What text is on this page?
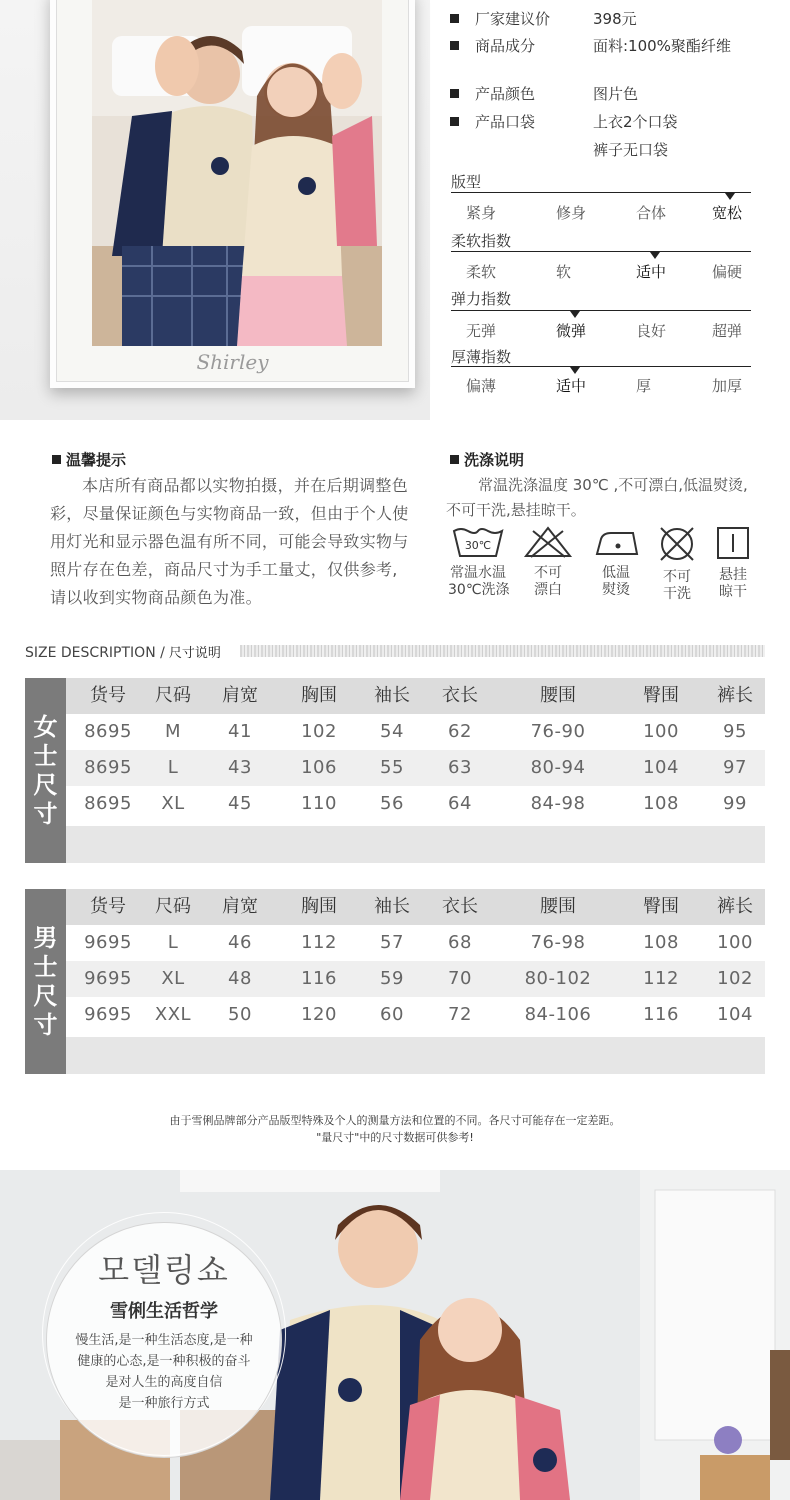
Shirley
厂家建议价	398元
商品成分	面料:100%聚酯纤维
产品颜色	图片色
产品口袋	上衣2个口袋
裤子无口袋
版型
紧身	修身	合体	宽松
柔软指数
柔软	软	适中	偏硬
弹力指数
无弹	微弹	良好	超弹
厚薄指数
偏薄	适中	厚	加厚
温馨提示
本店所有商品都以实物拍摄，并在后期调整色彩，尽量保证颜色与实物商品一致，但由于个人使用灯光和显示器色温有所不同，可能会导致实物与照片存在色差，商品尺寸为手工量丈，仅供参考,请以收到实物商品颜色为准。
洗涤说明
常温洗涤温度 30℃ ,不可漂白,低温熨烫,不可干洗,悬挂晾干。
30℃
常温水温
30℃洗涤
不可
漂白
低温
熨烫
不可
干洗
悬挂
晾干
SIZE DESCRIPTION / 尺寸说明
女
士
尺
寸
货号	尺码	肩宽	胸围	袖长	衣长	腰围	臀围	裤长
8695	M	41	102	54	62	76-90	100	95
8695	L	43	106	55	63	80-94	104	97
8695	XL	45	110	56	64	84-98	108	99
男
士
尺
寸
货号	尺码	肩宽	胸围	袖长	衣长	腰围	臀围	裤长
9695	L	46	112	57	68	76-98	108	100
9695	XL	48	116	59	70	80-102	112	102
9695	XXL	50	120	60	72	84-106	116	104
由于雪俐品牌部分产品版型特殊及个人的测量方法和位置的不同。各尺寸可能存在一定差距。
"量尺寸"中的尺寸数据可供参考!
모델링쇼
雪俐生活哲学
慢生活,是一种生活态度,是一种
健康的心态,是一种积极的奋斗
是对人生的高度自信
是一种旅行方式
